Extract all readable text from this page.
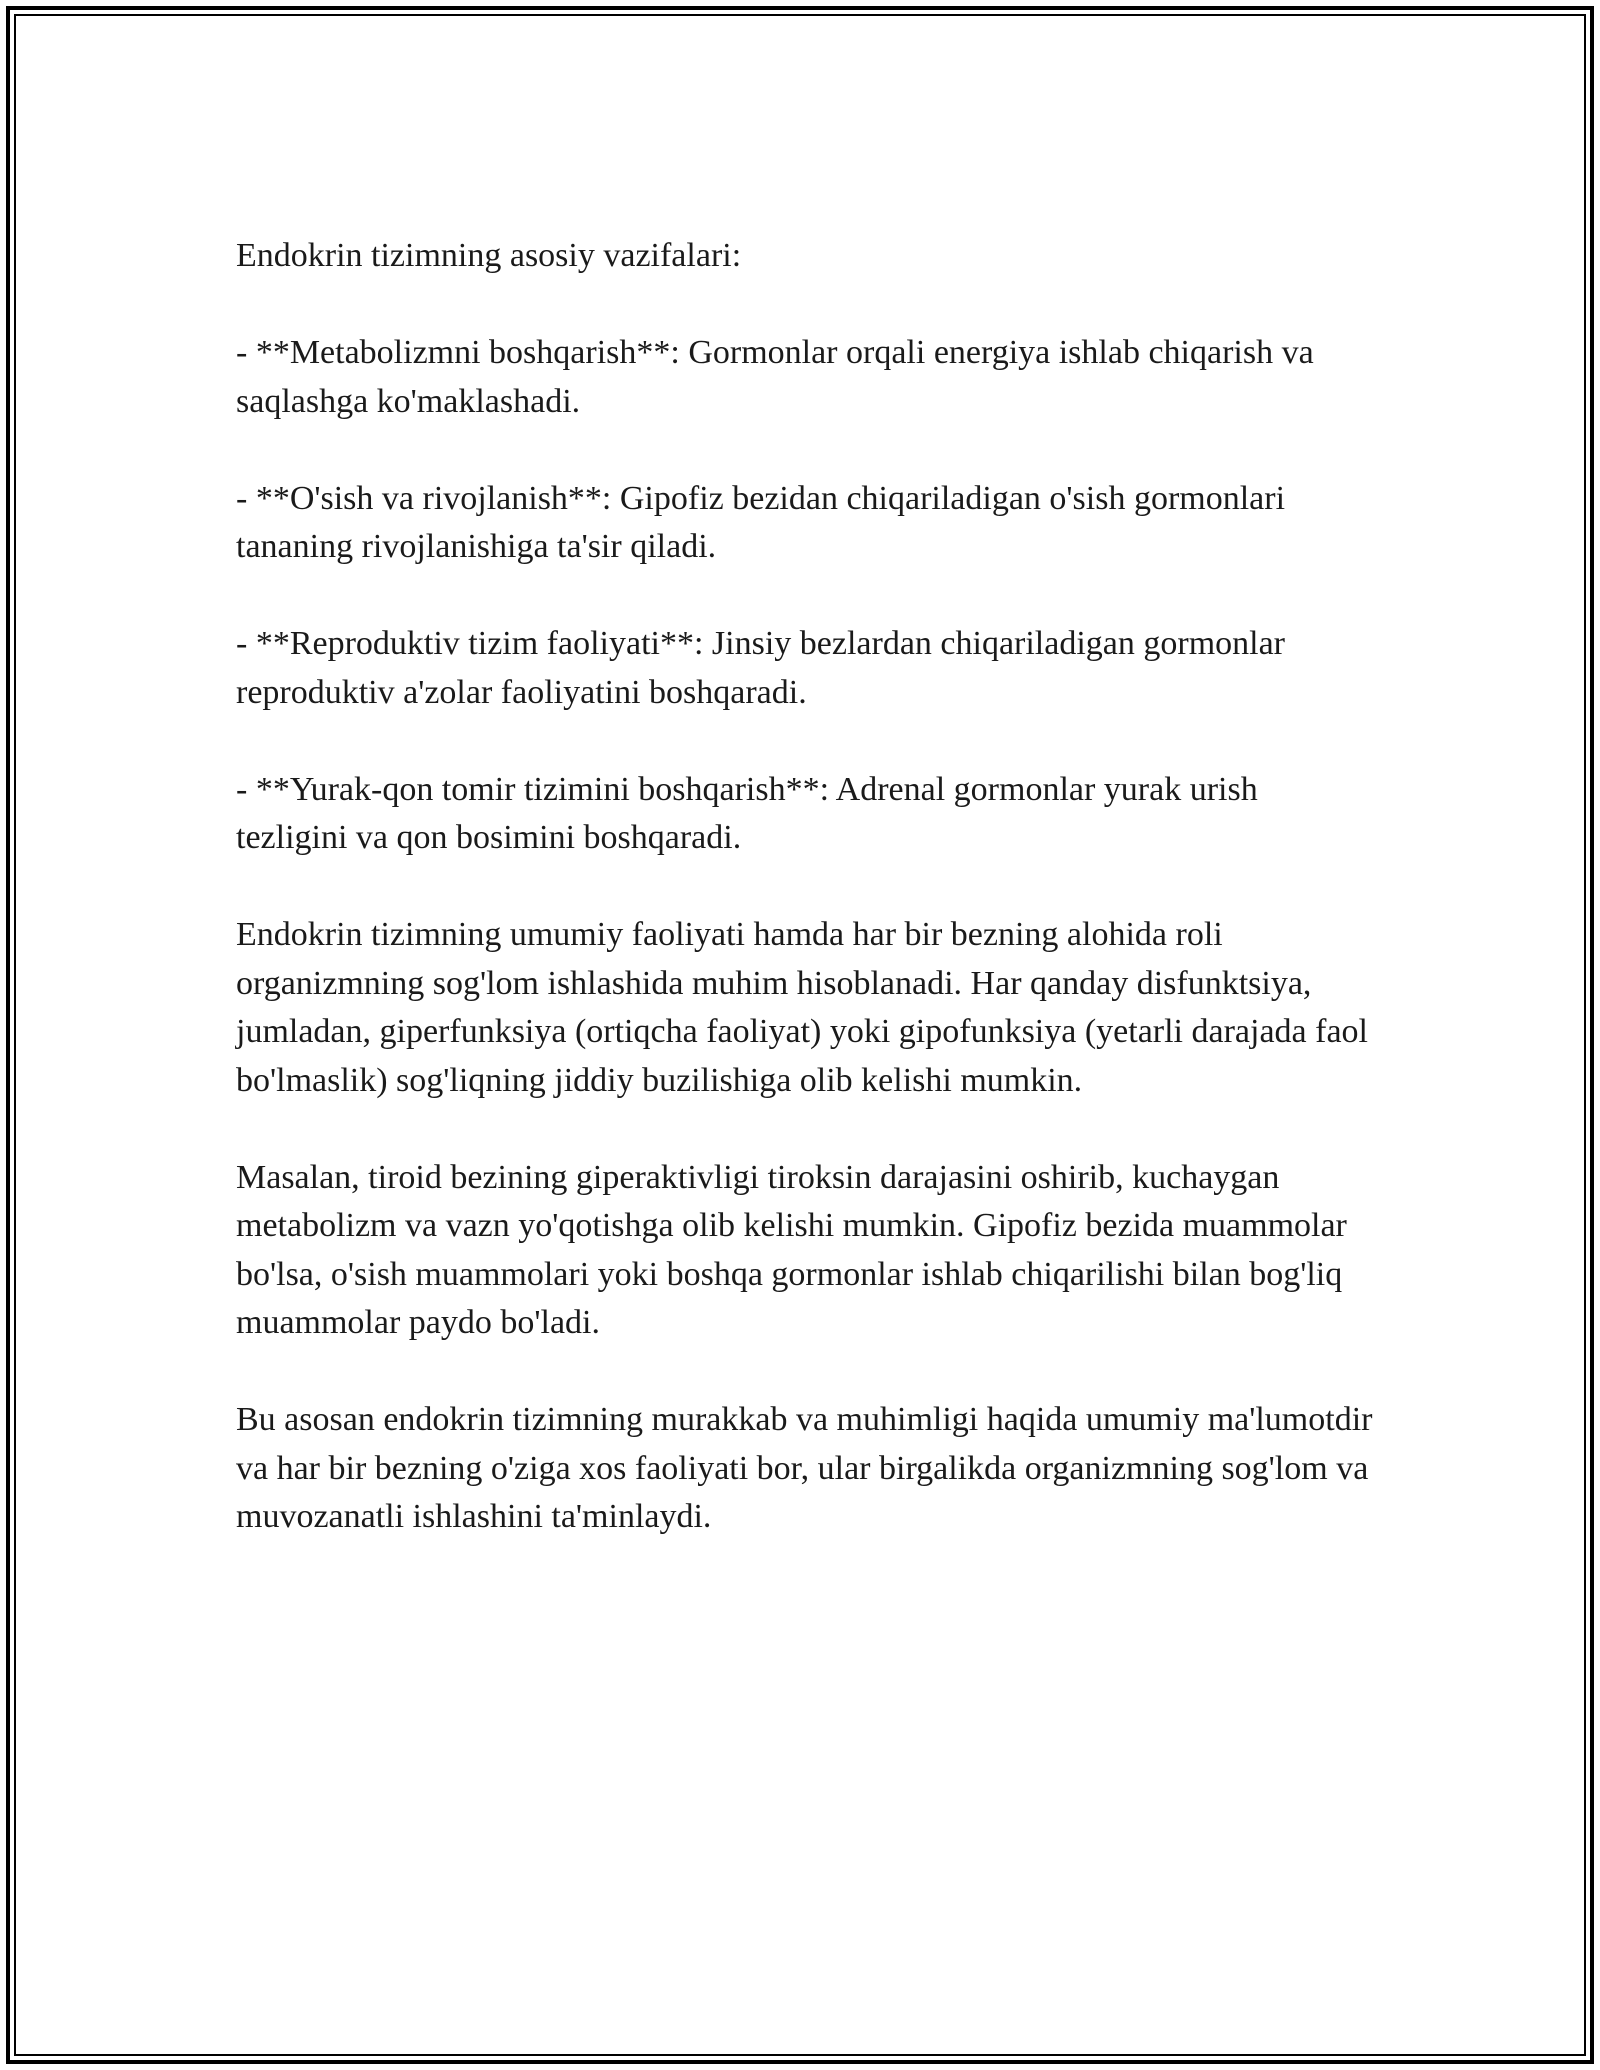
Endokrin tizimning asosiy vazifalari:

- **Metabolizmni boshqarish**: Gormonlar orqali energiya ishlab chiqarish va saqlashga ko'maklashadi.

- **O'sish va rivojlanish**: Gipofiz bezidan chiqariladigan o'sish gormonlari tananing rivojlanishiga ta'sir qiladi.

- **Reproduktiv tizim faoliyati**: Jinsiy bezlardan chiqariladigan gormonlar reproduktiv a'zolar faoliyatini boshqaradi.

- **Yurak-qon tomir tizimini boshqarish**: Adrenal gormonlar yurak urish tezligini va qon bosimini boshqaradi.

Endokrin tizimning umumiy faoliyati hamda har bir bezning alohida roli organizmning sog'lom ishlashida muhim hisoblanadi. Har qanday disfunktsiya, jumladan, giperfunksiya (ortiqcha faoliyat) yoki gipofunksiya (yetarli darajada faol bo'lmaslik) sog'liqning jiddiy buzilishiga olib kelishi mumkin.

Masalan, tiroid bezining giperaktivligi tiroksin darajasini oshirib, kuchaygan metabolizm va vazn yo'qotishga olib kelishi mumkin. Gipofiz bezida muammolar bo'lsa, o'sish muammolari yoki boshqa gormonlar ishlab chiqarilishi bilan bog'liq muammolar paydo bo'ladi.

Bu asosan endokrin tizimning murakkab va muhimligi haqida umumiy ma'lumotdir va har bir bezning o'ziga xos faoliyati bor, ular birgalikda organizmning sog'lom va muvozanatli ishlashini ta'minlaydi.
